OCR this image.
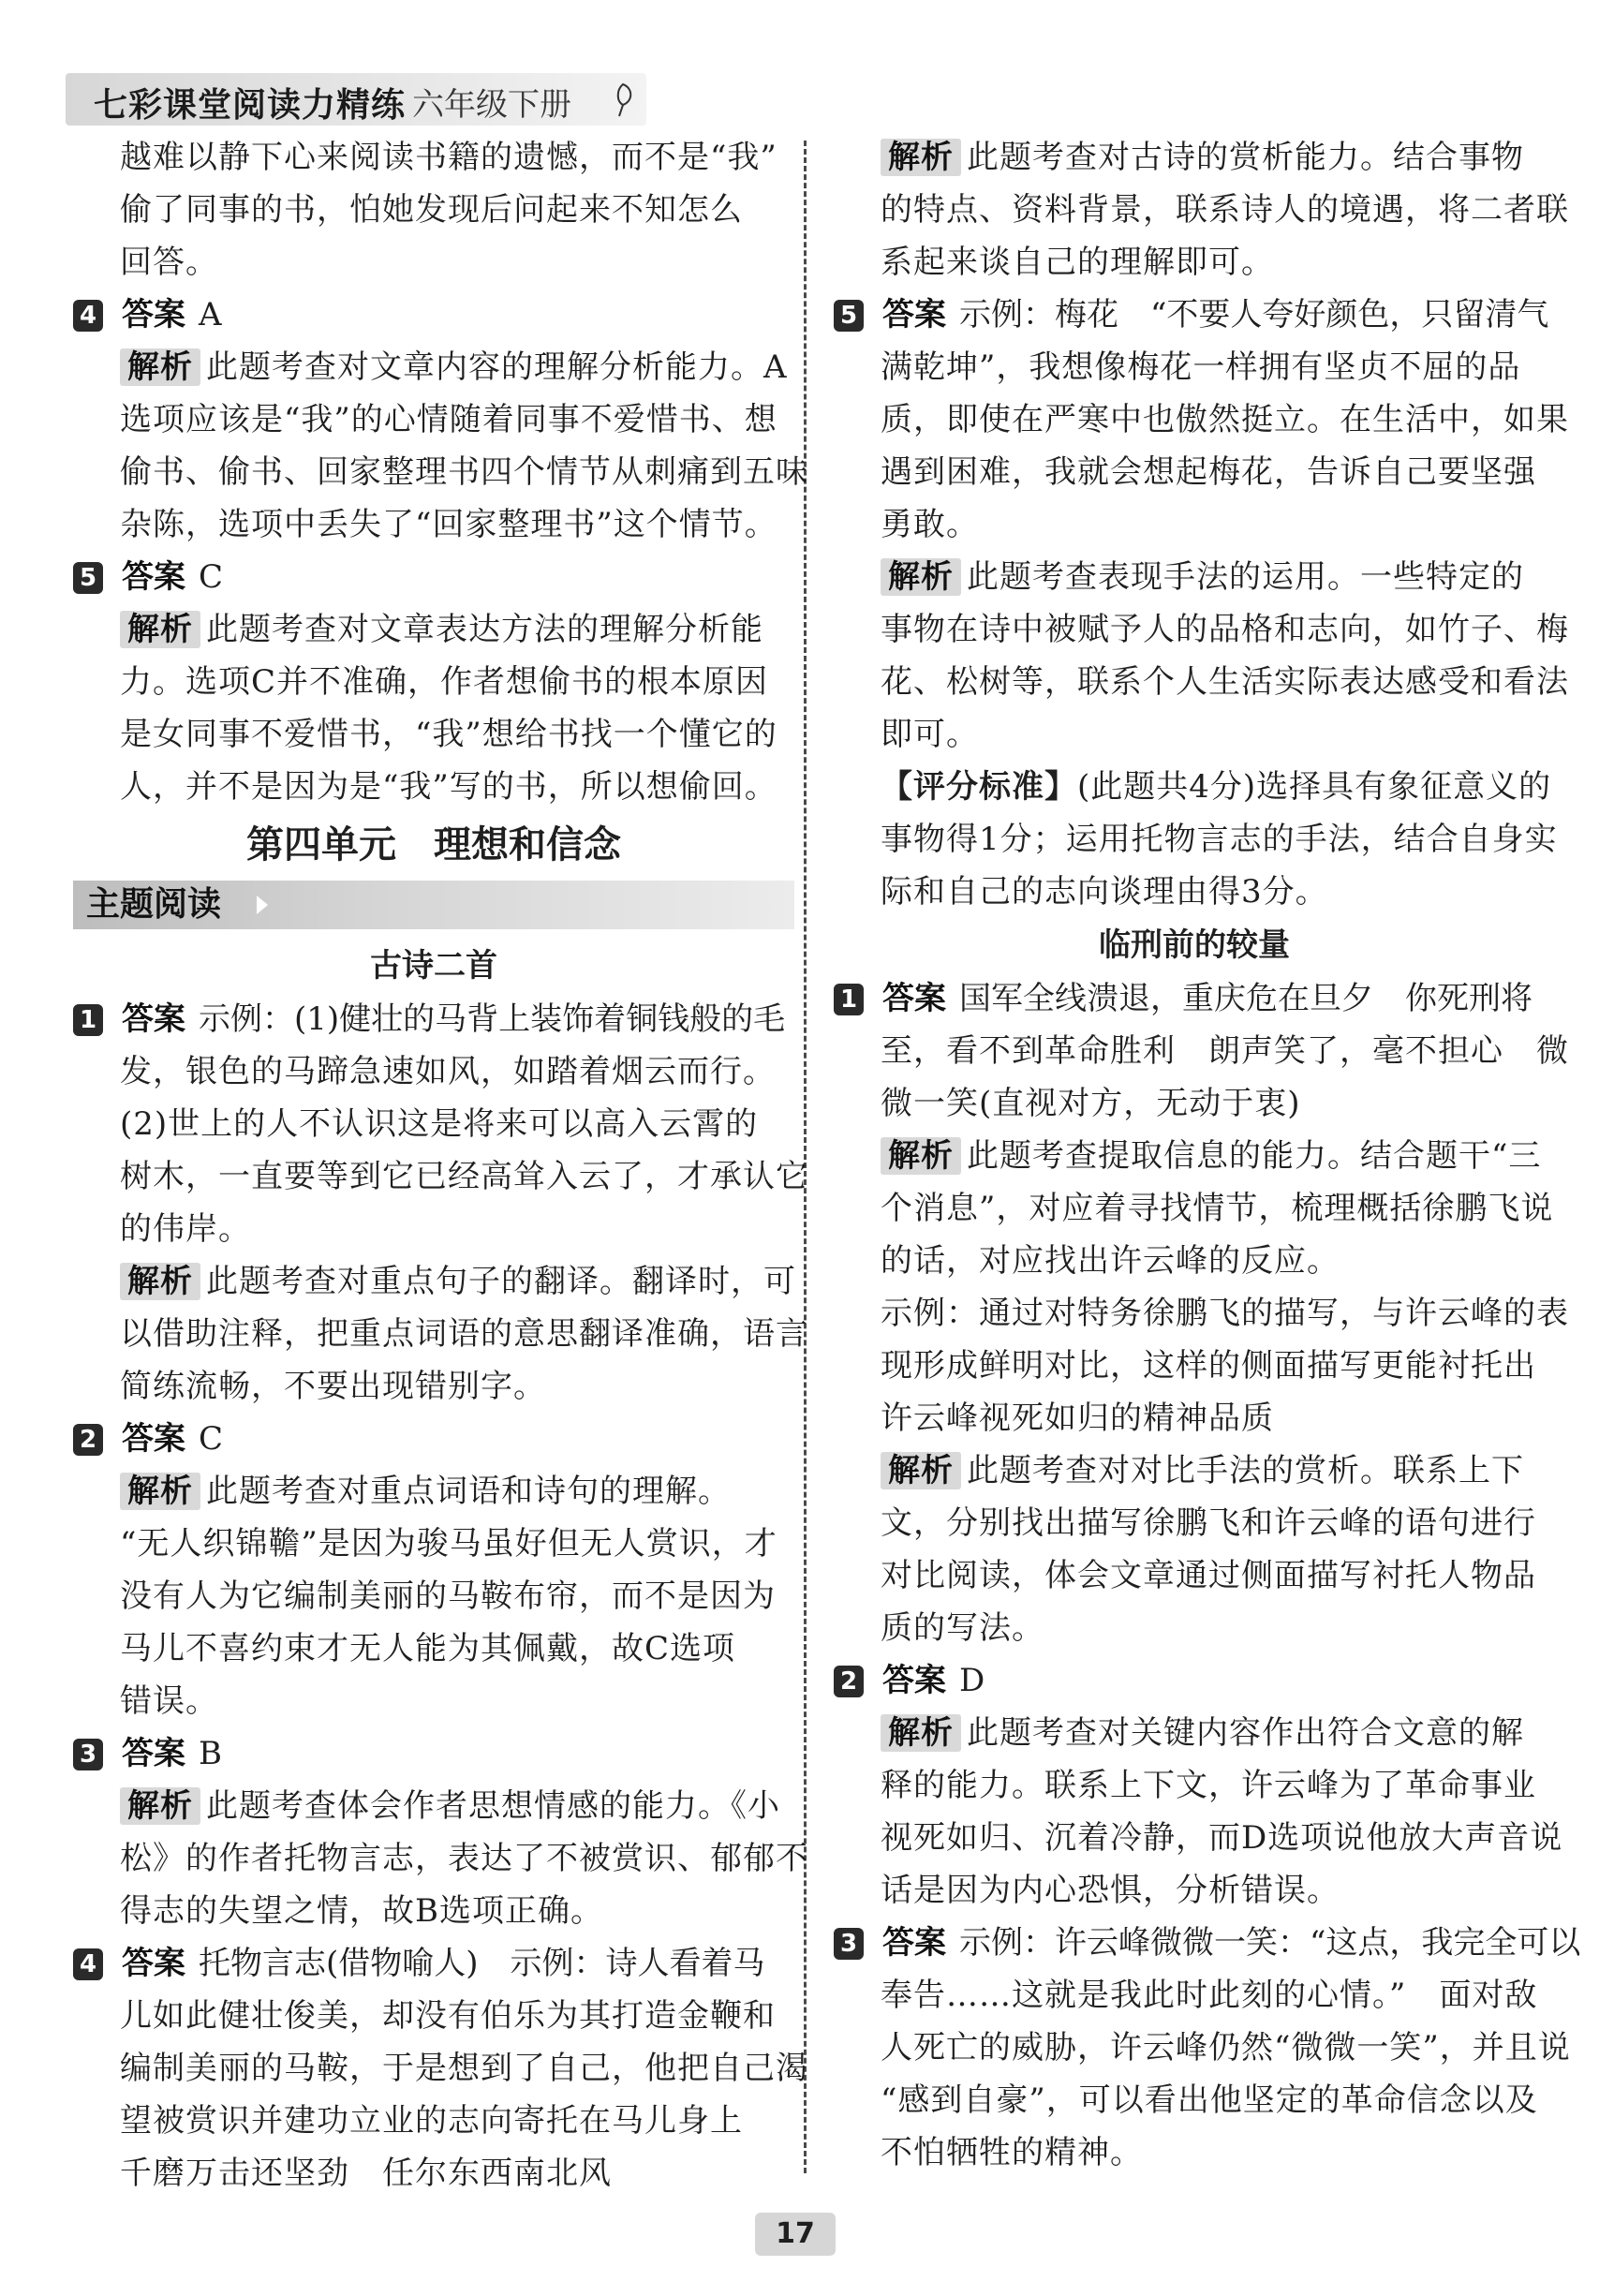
七彩课堂阅读力精练 六年级下册
越难以静下心来阅读书籍的遗憾，而不是“我”
偷了同事的书，怕她发现后问起来不知怎么
回答。
4 答案 A
解析 此题考查对文章内容的理解分析能力。A
选项应该是“我”的心情随着同事不爱惜书、想
偷书、偷书、回家整理书四个情节从刺痛到五味
杂陈，选项中丢失了“回家整理书”这个情节。
5 答案 C
解析 此题考查对文章表达方法的理解分析能
力。选项C并不准确，作者想偷书的根本原因
是女同事不爱惜书，“我”想给书找一个懂它的
人，并不是因为是“我”写的书，所以想偷回。
第四单元　理想和信念
主题阅读
古诗二首
1 答案 示例：(1)健壮的马背上装饰着铜钱般的毛
发，银色的马蹄急速如风，如踏着烟云而行。
(2)世上的人不认识这是将来可以高入云霄的
树木，一直要等到它已经高耸入云了，才承认它
的伟岸。
解析 此题考查对重点句子的翻译。翻译时，可
以借助注释，把重点词语的意思翻译准确，语言
简练流畅，不要出现错别字。
2 答案 C
解析 此题考查对重点词语和诗句的理解。
“无人织锦韂”是因为骏马虽好但无人赏识，才
没有人为它编制美丽的马鞍布帘，而不是因为
马儿不喜约束才无人能为其佩戴，故C选项
错误。
3 答案 B
解析 此题考查体会作者思想情感的能力。《小
松》的作者托物言志，表达了不被赏识、郁郁不
得志的失望之情，故B选项正确。
4 答案 托物言志(借物喻人)　示例：诗人看着马
儿如此健壮俊美，却没有伯乐为其打造金鞭和
编制美丽的马鞍，于是想到了自己，他把自己渴
望被赏识并建功立业的志向寄托在马儿身上
千磨万击还坚劲　任尔东西南北风
解析 此题考查对古诗的赏析能力。结合事物
的特点、资料背景，联系诗人的境遇，将二者联
系起来谈自己的理解即可。
5 答案 示例：梅花　“不要人夸好颜色，只留清气
满乾坤”，我想像梅花一样拥有坚贞不屈的品
质，即使在严寒中也傲然挺立。在生活中，如果
遇到困难，我就会想起梅花，告诉自己要坚强
勇敢。
解析 此题考查表现手法的运用。一些特定的
事物在诗中被赋予人的品格和志向，如竹子、梅
花、松树等，联系个人生活实际表达感受和看法
即可。
【评分标准】(此题共4分)选择具有象征意义的
事物得1分；运用托物言志的手法，结合自身实
际和自己的志向谈理由得3分。
临刑前的较量
1 答案 国军全线溃退，重庆危在旦夕　你死刑将
至，看不到革命胜利　朗声笑了，毫不担心　微
微一笑(直视对方，无动于衷)
解析 此题考查提取信息的能力。结合题干“三
个消息”，对应着寻找情节，梳理概括徐鹏飞说
的话，对应找出许云峰的反应。
示例：通过对特务徐鹏飞的描写，与许云峰的表
现形成鲜明对比，这样的侧面描写更能衬托出
许云峰视死如归的精神品质
解析 此题考查对对比手法的赏析。联系上下
文，分别找出描写徐鹏飞和许云峰的语句进行
对比阅读，体会文章通过侧面描写衬托人物品
质的写法。
2 答案 D
解析 此题考查对关键内容作出符合文意的解
释的能力。联系上下文，许云峰为了革命事业
视死如归、沉着冷静，而D选项说他放大声音说
话是因为内心恐惧，分析错误。
3 答案 示例：许云峰微微一笑：“这点，我完全可以
奉告……这就是我此时此刻的心情。”　面对敌
人死亡的威胁，许云峰仍然“微微一笑”，并且说
“感到自豪”，可以看出他坚定的革命信念以及
不怕牺牲的精神。
17
